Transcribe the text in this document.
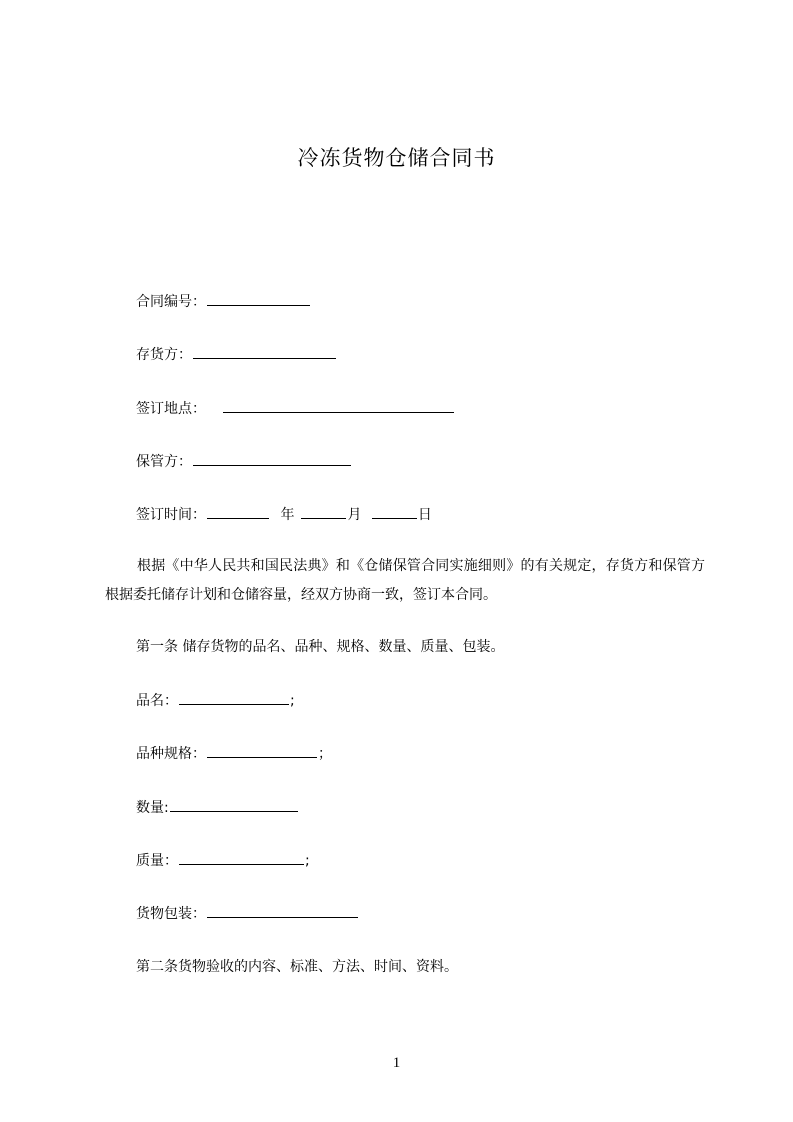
冷冻货物仓储合同书
合同编号：
存货方：
签订地点：
保管方：
签订时间：	年	月	日
根据《中华人民共和国民法典》和《仓储保管合同实施细则》的有关规定，存货方和保管方根据委托储存计划和仓储容量，经双方协商一致，签订本合同。
第一条 储存货物的品名、品种、规格、数量、质量、包装。
品名：	;
品种规格：	；
数量:
质量：	;
货物包装：
第二条货物验收的内容、标准、方法、时间、资料。
1
